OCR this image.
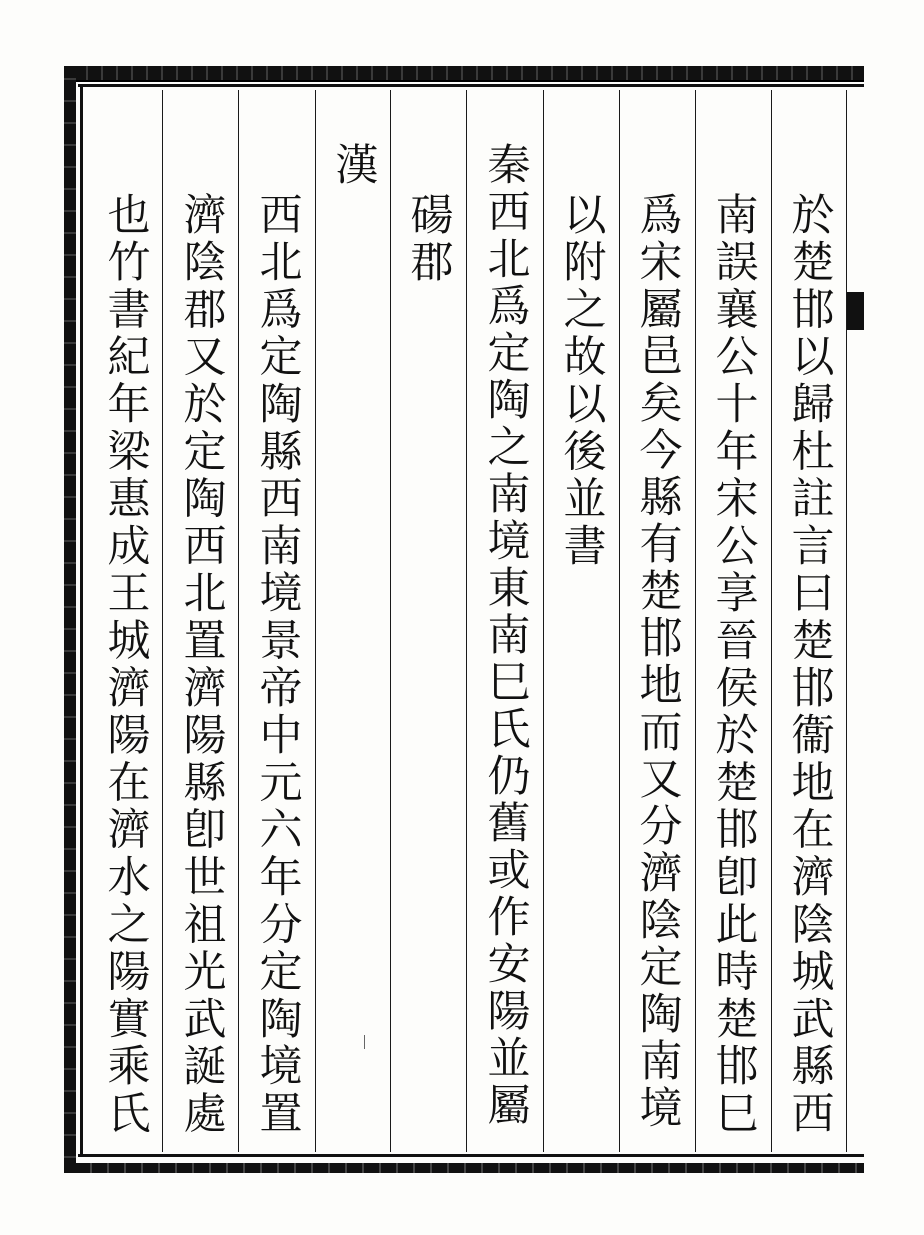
於楚邯以歸杜註言曰楚邯衞地在濟陰城武縣西
南誤襄公十年宋公享晉侯於楚邯卽此時楚邯巳
爲宋屬邑矣今縣有楚邯地而又分濟陰定陶南境
以附之故以後並書
秦西北爲定陶之南境東南巳氏仍舊或作安陽並屬
碭郡
漢
西北爲定陶縣西南境景帝中元六年分定陶境置
濟陰郡又於定陶西北置濟陽縣卽世祖光武誕處
也竹書紀年梁惠成王城濟陽在濟水之陽實乘氏
